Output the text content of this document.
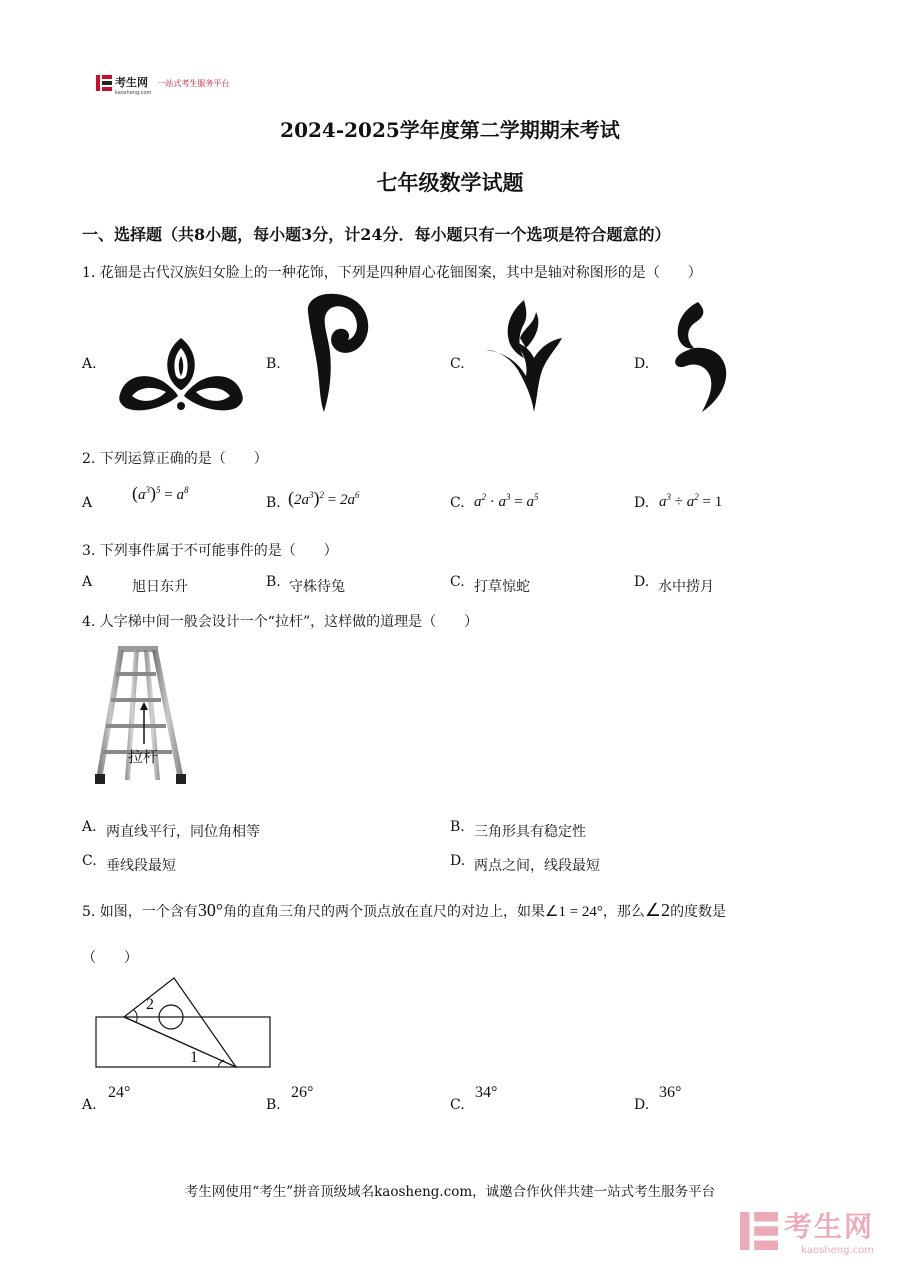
考生网
kaosheng.com
一站式考生服务平台
2024-2025学年度第二学期期末考试
七年级数学试题
一、选择题（共8小题，每小题3分，计24分．每小题只有一个选项是符合题意的）
1. 花钿是古代汉族妇女脸上的一种花饰，下列是四种眉心花钿图案，其中是轴对称图形的是（　　）
A.	B.	C.	D.
2. 下列运算正确的是（　　）
A $(a^3)^5 = a^8$
B. $(2a^3)^2 = 2a^6$	C. $a^2 \cdot a^3 = a^5$	D. $a^3 \div a^2 = 1$
3. 下列事件属于不可能事件的是（　　）
A	旭日东升	B. 守株待兔	C. 打草惊蛇	D. 水中捞月
4. 人字梯中间一般会设计一个“拉杆”，这样做的道理是（　　）
拉杆
A. 两直线平行，同位角相等	B. 三角形具有稳定性
C. 垂线段最短	D. 两点之间，线段最短
5. 如图，一个含有30°角的直角三角尺的两个顶点放在直尺的对边上，如果∠1 = 24°，那么∠2的度数是
（　　）
2
1
A.
24°
B.
26°
C.
34°
D.
36°
考生网使用“考生”拼音顶级域名kaosheng.com，诚邀合作伙伴共建一站式考生服务平台
考生网
kaosheng.com
